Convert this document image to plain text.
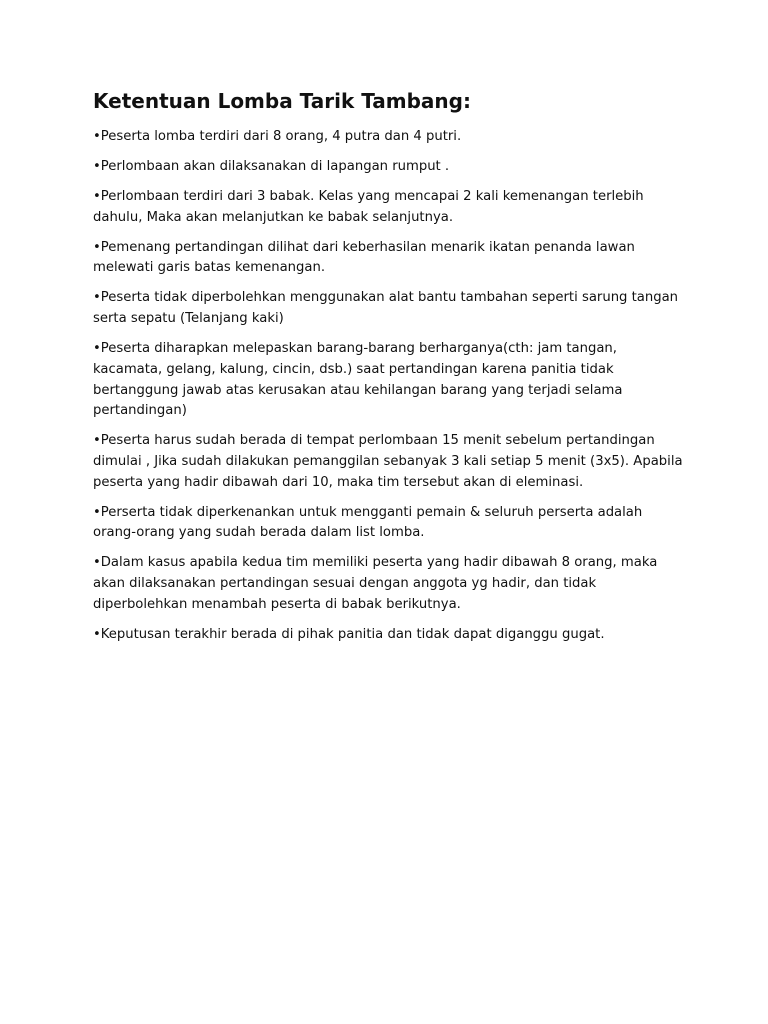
Ketentuan Lomba Tarik Tambang:
•Peserta lomba terdiri dari 8 orang, 4 putra dan 4 putri.
•Perlombaan akan dilaksanakan di lapangan rumput .
•Perlombaan terdiri dari 3 babak. Kelas yang mencapai 2 kali kemenangan terlebih dahulu, Maka akan melanjutkan ke babak selanjutnya.
•Pemenang pertandingan dilihat dari keberhasilan menarik ikatan penanda lawan melewati garis batas kemenangan.
•Peserta tidak diperbolehkan menggunakan alat bantu tambahan seperti sarung tangan serta sepatu (Telanjang kaki)
•Peserta diharapkan melepaskan barang-barang berharganya(cth: jam tangan, kacamata, gelang, kalung, cincin, dsb.) saat pertandingan karena panitia tidak bertanggung jawab atas kerusakan atau kehilangan barang yang terjadi selama pertandingan)
•Peserta harus sudah berada di tempat perlombaan 15 menit sebelum pertandingan dimulai , Jika sudah dilakukan pemanggilan sebanyak 3 kali setiap 5 menit (3x5). Apabila peserta yang hadir dibawah dari 10, maka tim tersebut akan di eleminasi.
•Perserta tidak diperkenankan untuk mengganti pemain & seluruh perserta adalah orang-orang yang sudah berada dalam list lomba.
•Dalam kasus apabila kedua tim memiliki peserta yang hadir dibawah 8 orang, maka akan dilaksanakan pertandingan sesuai dengan anggota yg hadir, dan tidak diperbolehkan menambah peserta di babak berikutnya.
•Keputusan terakhir berada di pihak panitia dan tidak dapat diganggu gugat.
